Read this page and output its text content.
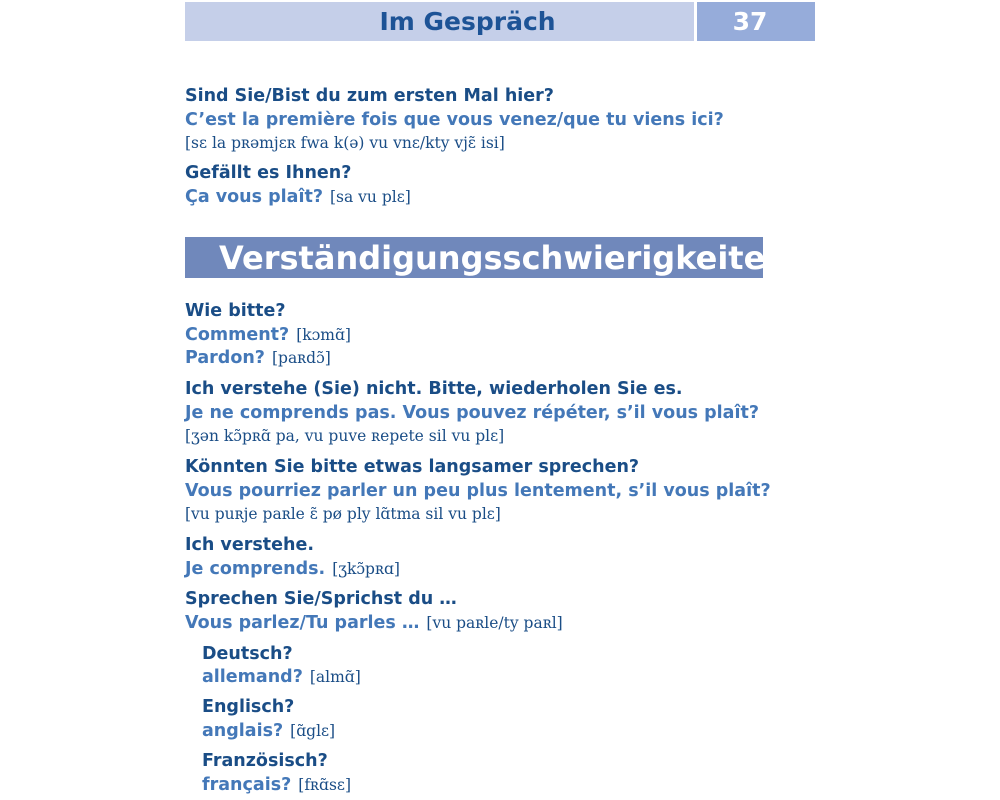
Im Gespräch	37
Sind Sie/Bist du zum ersten Mal hier?
C’est la première fois que vous venez/que tu viens ici?
[sɛ la pʀəmjɛʀ fwa k(ə) vu vnɛ/kty vjɛ̃ isi]
Gefällt es Ihnen?
Ça vous plaît? [sa vu plɛ]
Verständigungsschwierigkeiten
Wie bitte?
Comment? [kɔmɑ̃]
Pardon? [paʀdɔ̃]
Ich verstehe (Sie) nicht. Bitte, wiederholen Sie es.
Je ne comprends pas. Vous pouvez répéter, s’il vous plaît?
[ʒən kɔ̃pʀɑ̃ pa, vu puve ʀepete sil vu plɛ]
Könnten Sie bitte etwas langsamer sprechen?
Vous pourriez parler un peu plus lentement, s’il vous plaît?
[vu puʀje paʀle ɛ̃ pø ply lɑ̃tma sil vu plɛ]
Ich verstehe.
Je comprends. [ʒkɔ̃pʀɑ]
Sprechen Sie/Sprichst du …
Vous parlez/Tu parles … [vu paʀle/ty paʀl]
Deutsch?
allemand? [almɑ̃]
Englisch?
anglais? [ɑ̃glɛ]
Französisch?
français? [fʀɑ̃sɛ]
